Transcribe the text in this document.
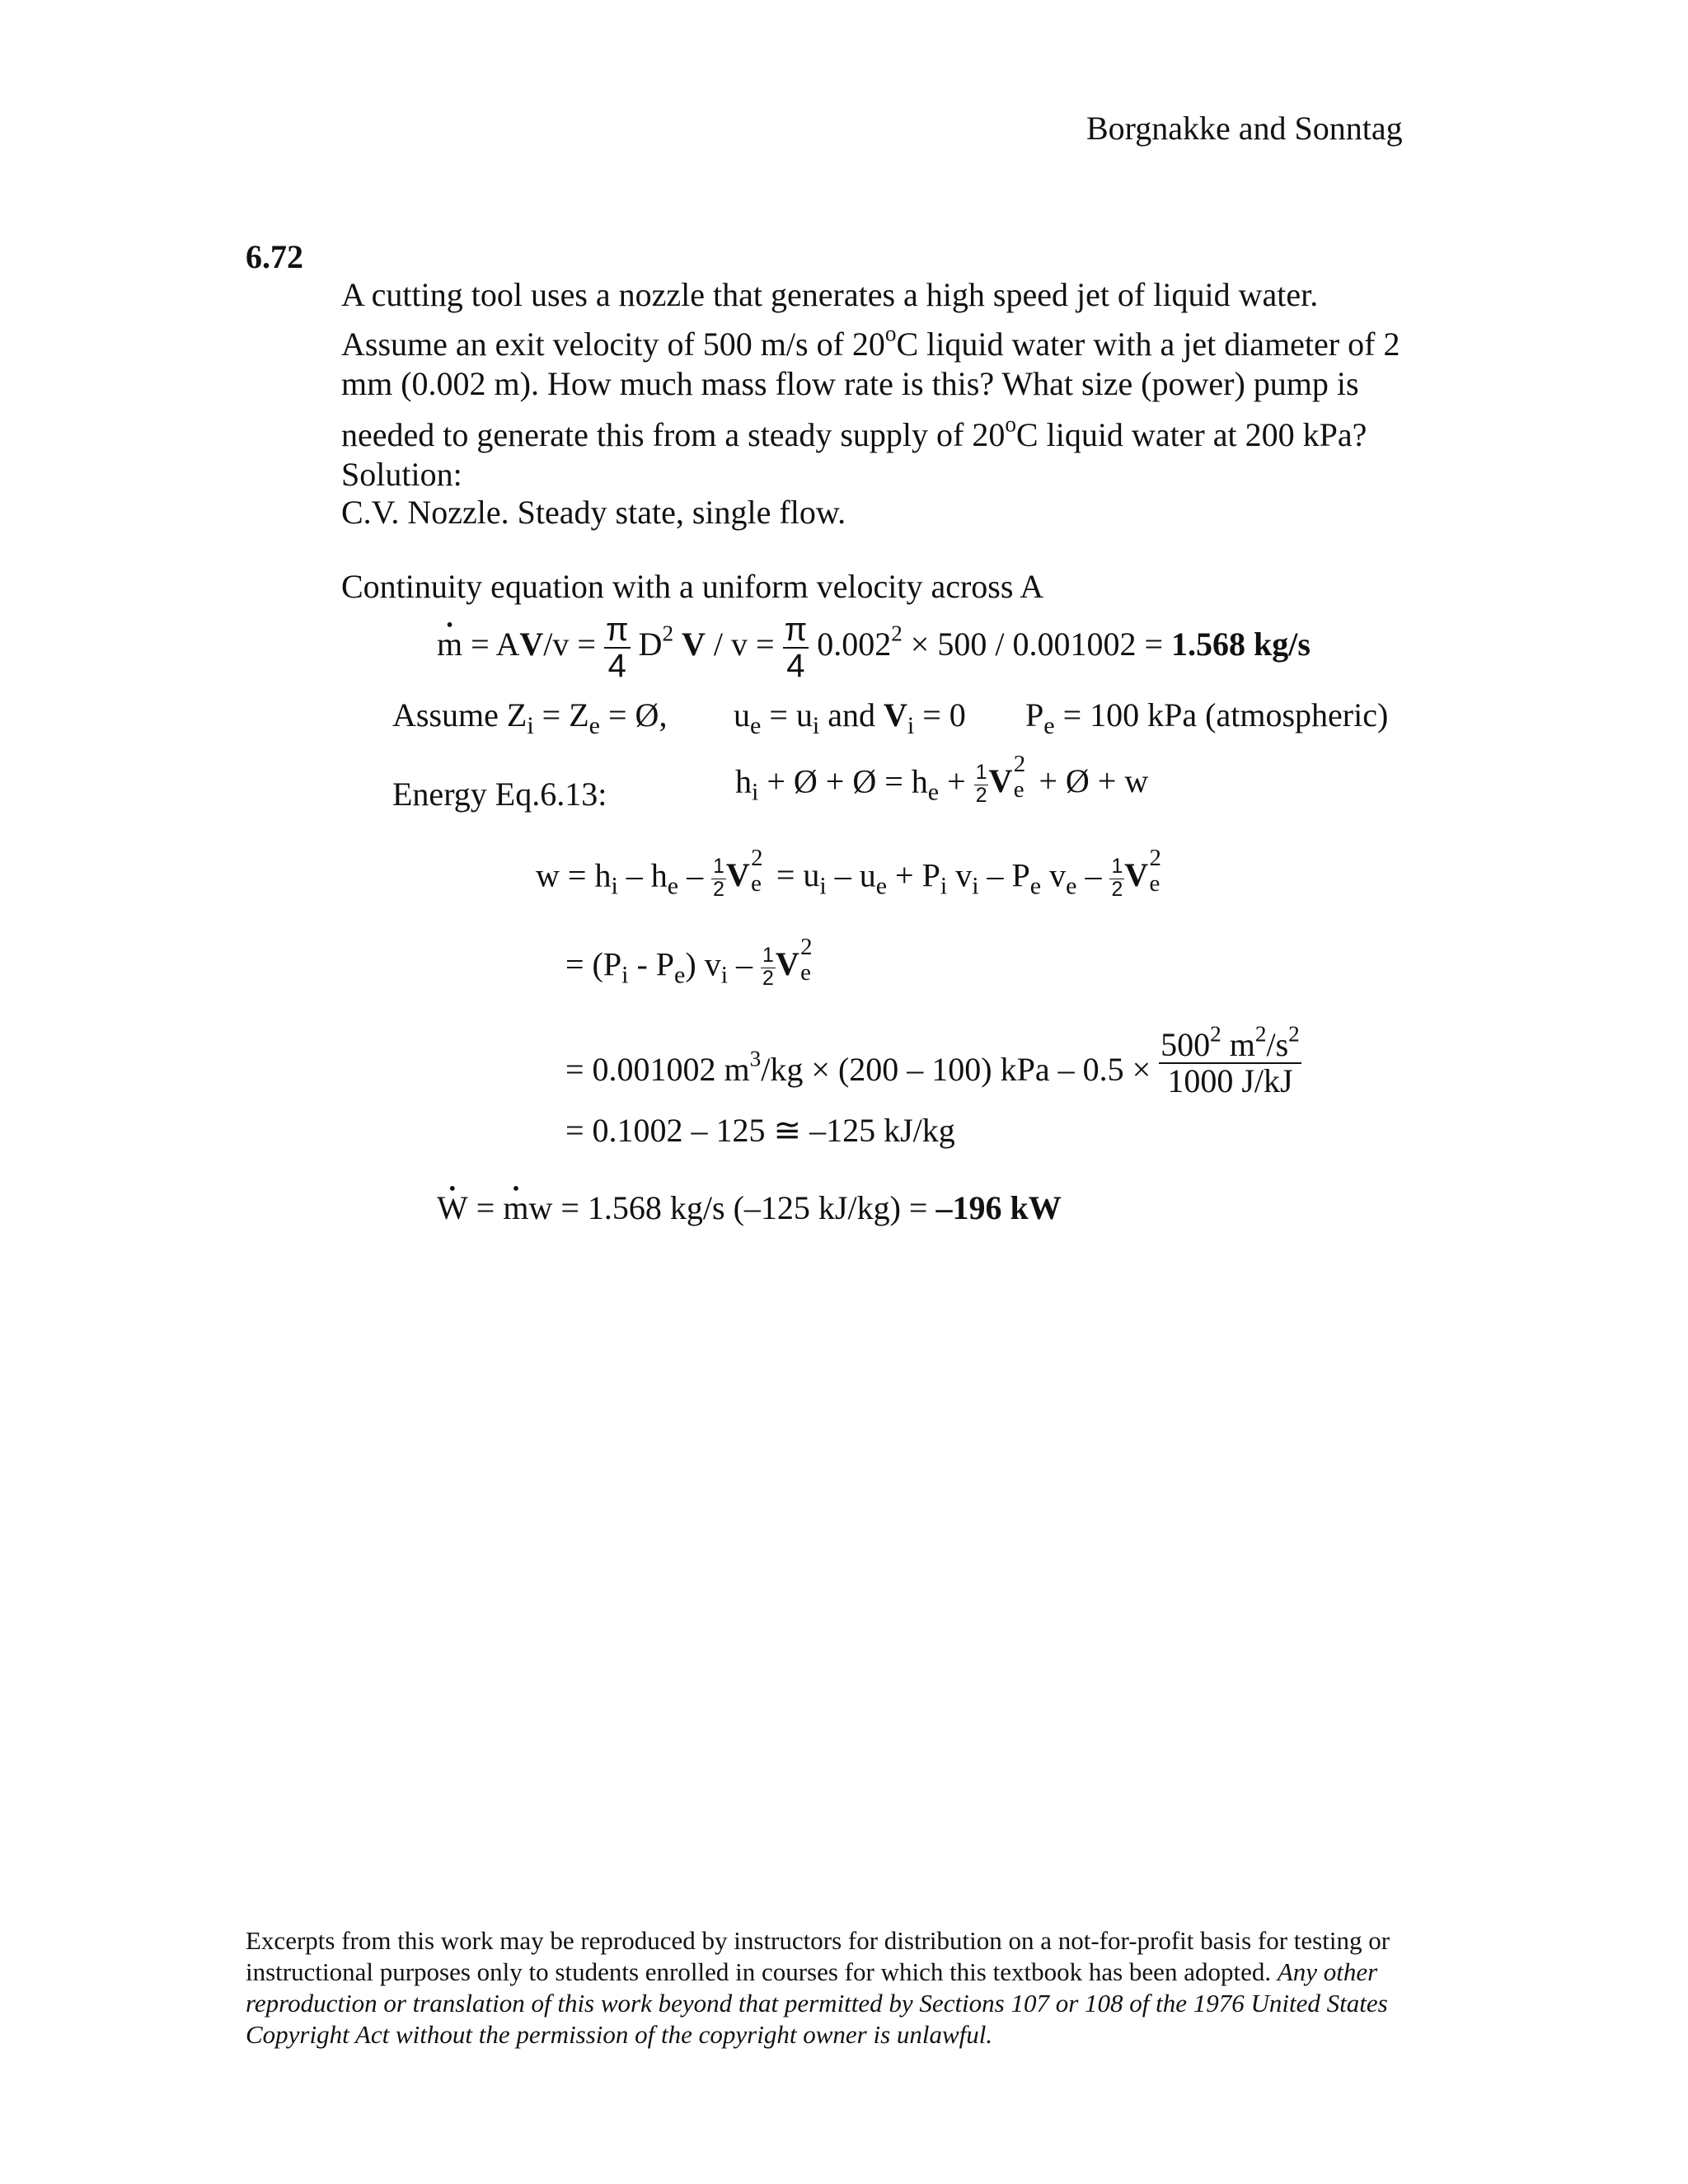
Borgnakke and Sonntag
6.72
A cutting tool uses a nozzle that generates a high speed jet of liquid water.
Assume an exit velocity of 500 m/s of 20$^o$C liquid water with a jet diameter of 2
mm (0.002 m). How much mass flow rate is this? What size (power) pump is
needed to generate this from a steady supply of 20$^o$C liquid water at 200 kPa?
Solution:
C.V. Nozzle. Steady state, single flow.
Continuity equation with a uniform velocity across A
• $m = AV/v = \frac{\pi}{4} D^2$ $V / v = \frac{\pi}{4} 0.002^2 \times 500 / 0.001002 = 1.568$ kg/s
Assume $Z_i = Z_e$ = Ø, $u_e = u_i$ and $V_i = 0$ $P_e = 100$ kPa (atmospheric)
Energy Eq.6.13:	$h_i$ + Ø + Ø = $h_e + \frac{1}{2}$ V 2
e + Ø + w
$w = h_i - h_e - \frac{1}{2}$ V 2
$e = u_i - u_e + P_i$ $v_i - P_e$ $v_e - \frac{1}{2}$ V 2
e
= $(P_i - P_e)$ $v_i - \frac{1}{2}$ V 2
e
= 0.001002 $m^3/kg \times (200 - 100)$ kPa – $0.5 \times \frac{500^2 m^2/s^2}{1000 J/kJ}$
= 0.1002 – 125 ≅ –125 kJ/kg
• W = • mw = 1.568 kg/s (–125 kJ/kg) = –196 kW
Excerpts from this work may be reproduced by instructors for distribution on a not-for-profit basis for testing or instructional purposes only to students enrolled in courses for which this textbook has been adopted. Any other reproduction or translation of this work beyond that permitted by Sections 107 or 108 of the 1976 United States Copyright Act without the permission of the copyright owner is unlawful.
